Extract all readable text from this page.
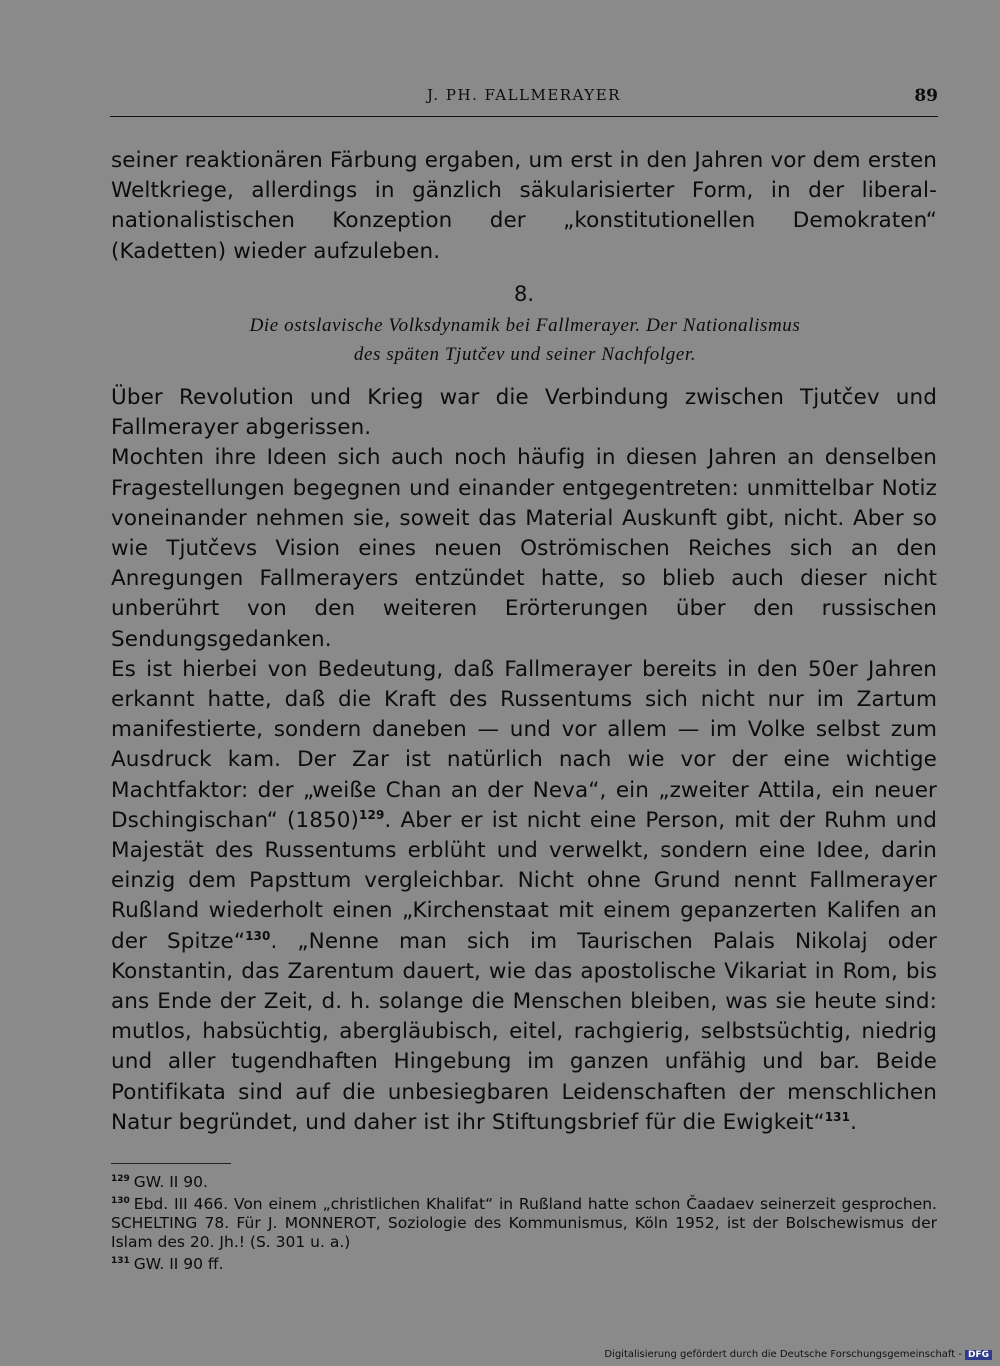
J. PH. FALLMERAYER	89

seiner reaktionären Färbung ergaben, um erst in den Jahren vor dem ersten Weltkriege, allerdings in gänzlich säkularisierter Form, in der liberal-nationalistischen Konzeption der „konstitutionellen Demokraten“ (Kadetten) wieder aufzuleben.

8.
Die ostslavische Volksdynamik bei Fallmerayer. Der Nationalismus
des späten Tjutčev und seiner Nachfolger.

Über Revolution und Krieg war die Verbindung zwischen Tjutčev und Fallmerayer abgerissen.

Mochten ihre Ideen sich auch noch häufig in diesen Jahren an denselben Fragestellungen begegnen und einander entgegentreten: unmittelbar Notiz voneinander nehmen sie, soweit das Material Auskunft gibt, nicht. Aber so wie Tjutčevs Vision eines neuen Oströmischen Reiches sich an den Anregungen Fallmerayers entzündet hatte, so blieb auch dieser nicht unberührt von den weiteren Erörterungen über den russischen Sendungsgedanken.

Es ist hierbei von Bedeutung, daß Fallmerayer bereits in den 50er Jahren erkannt hatte, daß die Kraft des Russentums sich nicht nur im Zartum manifestierte, sondern daneben — und vor allem — im Volke selbst zum Ausdruck kam. Der Zar ist natürlich nach wie vor der eine wichtige Machtfaktor: der „weiße Chan an der Neva“, ein „zweiter Attila, ein neuer Dschingischan“ (1850)$^{129}$. Aber er ist nicht eine Person, mit der Ruhm und Majestät des Russentums erblüht und verwelkt, sondern eine Idee, darin einzig dem Papsttum vergleichbar. Nicht ohne Grund nennt Fallmerayer Rußland wiederholt einen „Kirchenstaat mit einem gepanzerten Kalifen an der Spitze“$^{130}$. „Nenne man sich im Taurischen Palais Nikolaj oder Konstantin, das Zarentum dauert, wie das apostolische Vikariat in Rom, bis ans Ende der Zeit, d. h. solange die Menschen bleiben, was sie heute sind: mutlos, habsüchtig, abergläubisch, eitel, rachgierig, selbstsüchtig, niedrig und aller tugendhaften Hingebung im ganzen unfähig und bar. Beide Pontifikata sind auf die unbesiegbaren Leidenschaften der menschlichen Natur begründet, und daher ist ihr Stiftungsbrief für die Ewigkeit“$^{131}$.

$^{129}$ GW. II 90.

$^{130}$ Ebd. III 466. Von einem „christlichen Khalifat“ in Rußland hatte schon Čaadaev seinerzeit gesprochen. SCHELTING 78. Für J. MONNEROT, Soziologie des Kommunismus, Köln 1952, ist der Bolschewismus der Islam des 20. Jh.! (S. 301 u. a.)

$^{131}$ GW. II 90 ff.

Digitalisierung gefördert durch die Deutsche Forschungsgemeinschaft - DFG
